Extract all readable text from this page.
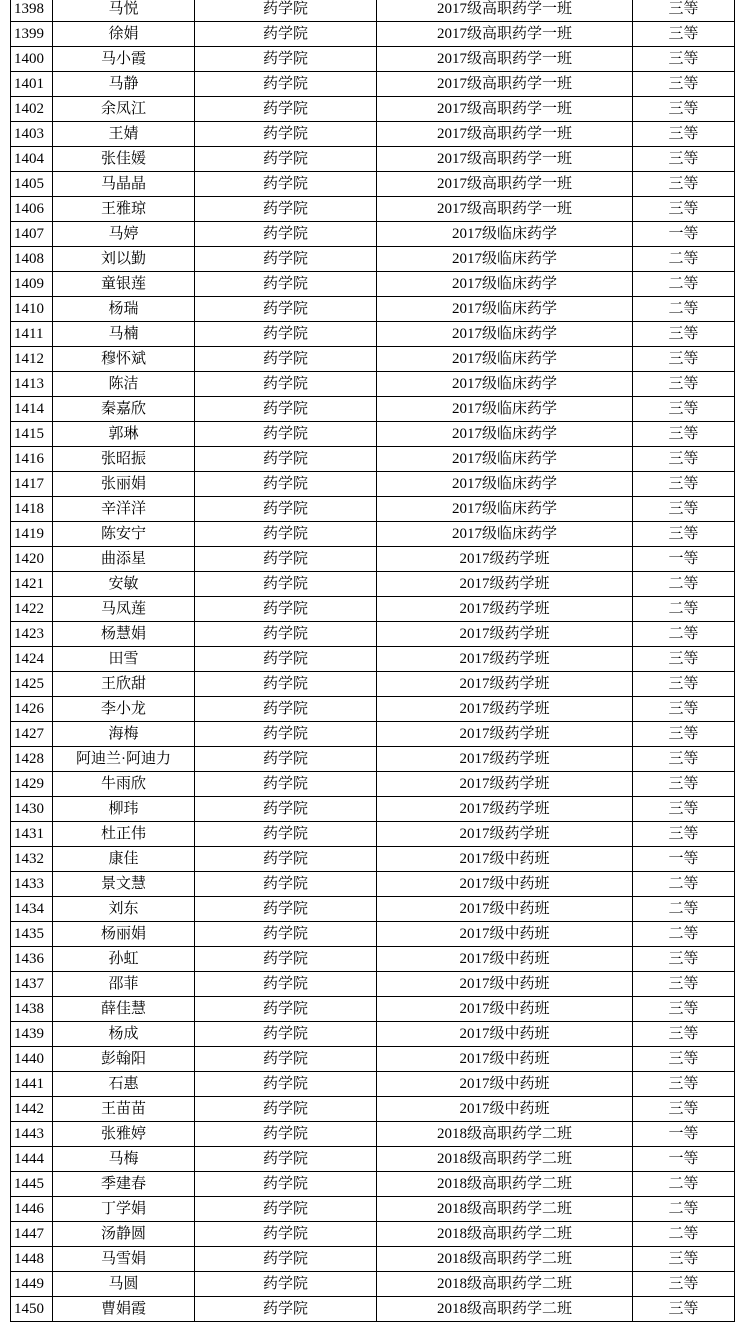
1398	马悦	药学院	2017级高职药学一班	三等
1399	徐娟	药学院	2017级高职药学一班	三等
1400	马小霞	药学院	2017级高职药学一班	三等
1401	马静	药学院	2017级高职药学一班	三等
1402	余凤江	药学院	2017级高职药学一班	三等
1403	王婧	药学院	2017级高职药学一班	三等
1404	张佳媛	药学院	2017级高职药学一班	三等
1405	马晶晶	药学院	2017级高职药学一班	三等
1406	王雅琼	药学院	2017级高职药学一班	三等
1407	马婷	药学院	2017级临床药学	一等
1408	刘以勤	药学院	2017级临床药学	二等
1409	童银莲	药学院	2017级临床药学	二等
1410	杨瑞	药学院	2017级临床药学	二等
1411	马楠	药学院	2017级临床药学	三等
1412	穆怀斌	药学院	2017级临床药学	三等
1413	陈洁	药学院	2017级临床药学	三等
1414	秦嘉欣	药学院	2017级临床药学	三等
1415	郭琳	药学院	2017级临床药学	三等
1416	张昭振	药学院	2017级临床药学	三等
1417	张丽娟	药学院	2017级临床药学	三等
1418	辛洋洋	药学院	2017级临床药学	三等
1419	陈安宁	药学院	2017级临床药学	三等
1420	曲添星	药学院	2017级药学班	一等
1421	安敏	药学院	2017级药学班	二等
1422	马凤莲	药学院	2017级药学班	二等
1423	杨慧娟	药学院	2017级药学班	二等
1424	田雪	药学院	2017级药学班	三等
1425	王欣甜	药学院	2017级药学班	三等
1426	李小龙	药学院	2017级药学班	三等
1427	海梅	药学院	2017级药学班	三等
1428	阿迪兰·阿迪力	药学院	2017级药学班	三等
1429	牛雨欣	药学院	2017级药学班	三等
1430	柳玮	药学院	2017级药学班	三等
1431	杜正伟	药学院	2017级药学班	三等
1432	康佳	药学院	2017级中药班	一等
1433	景文慧	药学院	2017级中药班	二等
1434	刘东	药学院	2017级中药班	二等
1435	杨丽娟	药学院	2017级中药班	二等
1436	孙虹	药学院	2017级中药班	三等
1437	邵菲	药学院	2017级中药班	三等
1438	薛佳慧	药学院	2017级中药班	三等
1439	杨成	药学院	2017级中药班	三等
1440	彭翰阳	药学院	2017级中药班	三等
1441	石惠	药学院	2017级中药班	三等
1442	王苗苗	药学院	2017级中药班	三等
1443	张雅婷	药学院	2018级高职药学二班	一等
1444	马梅	药学院	2018级高职药学二班	一等
1445	季建春	药学院	2018级高职药学二班	二等
1446	丁学娟	药学院	2018级高职药学二班	二等
1447	汤静圆	药学院	2018级高职药学二班	二等
1448	马雪娟	药学院	2018级高职药学二班	三等
1449	马圆	药学院	2018级高职药学二班	三等
1450	曹娟霞	药学院	2018级高职药学二班	三等
